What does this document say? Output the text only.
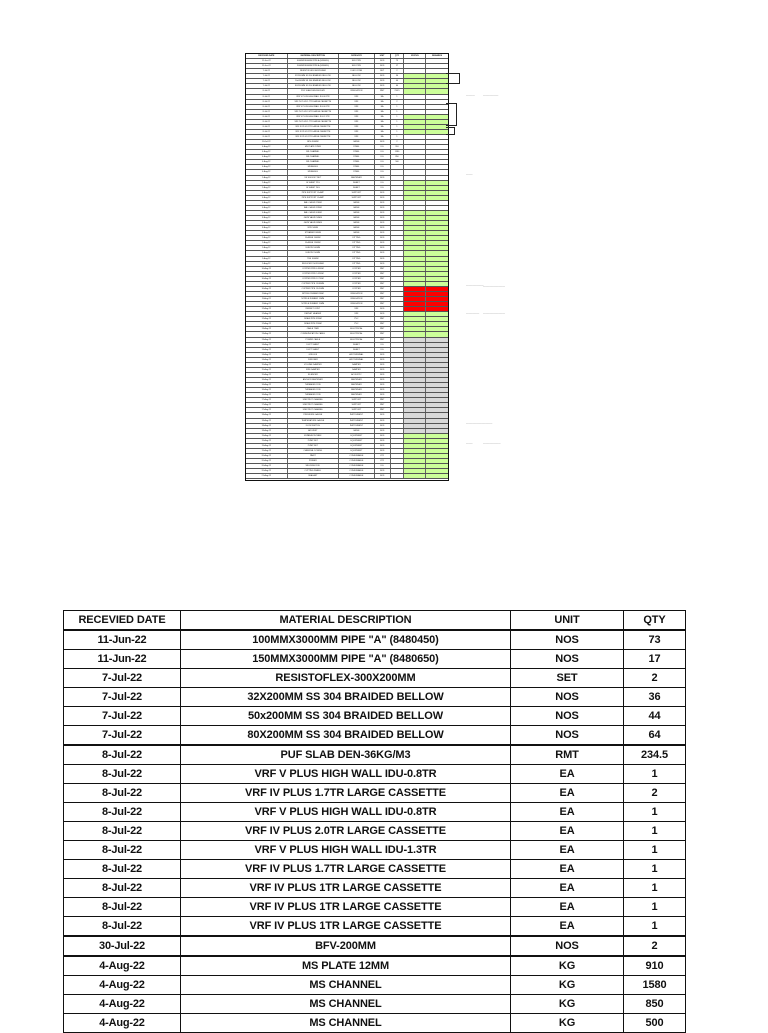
RECEVIED DATE	MATERIAL DESCRIPTION	CATEGORY	UNIT	QTY	STATUS	REMARKS
11-Jun-22	100MMX3000MM PIPE A (8480450)	SKU PIPE	NOS	73
11-Jun-22	150MMX3000MM PIPE A (8480650)	SKU PIPE	NOS	17
7-Jul-22	RESISTOFLEX-300X200MM	FLEX CONN	SET	2
7-Jul-22	32X200MM SS 304 BRAIDED BELLOW	BELLOW	NOS	36
7-Jul-22	50x200MM SS 304 BRAIDED BELLOW	BELLOW	NOS	44
7-Jul-22	80X200MM SS 304 BRAIDED BELLOW	BELLOW	NOS	64
8-Jul-22	PUF SLAB DEN-36KG/M3	INSULATION	RMT	234.5
8-Jul-22	VRF V PLUS HIGH WALL IDU-0.8TR	VRF	EA	1
8-Jul-22	VRF IV PLUS 1.7TR LARGE CASSETTE	VRF	EA	2
8-Jul-22	VRF V PLUS HIGH WALL IDU-0.8TR	VRF	EA	1
8-Jul-22	VRF IV PLUS 2.0TR LARGE CASSETTE	VRF	EA	1
8-Jul-22	VRF V PLUS HIGH WALL IDU-1.3TR	VRF	EA	1
8-Jul-22	VRF IV PLUS 1.7TR LARGE CASSETTE	VRF	EA	1
8-Jul-22	VRF IV PLUS 1TR LARGE CASSETTE	VRF	EA	1
8-Jul-22	VRF IV PLUS 1TR LARGE CASSETTE	VRF	EA	1
8-Jul-22	VRF IV PLUS 1TR LARGE CASSETTE	VRF	EA	1
30-Jul-22	BFV-200MM	VALVE	NOS	2
4-Aug-22	MS PLATE 12MM	STEEL	KG	910
4-Aug-22	MS CHANNEL	STEEL	KG	1580
4-Aug-22	MS CHANNEL	STEEL	KG	850
4-Aug-22	MS CHANNEL	STEEL	KG	500
4-Aug-22	MS ANGLE	STEEL	KG
4-Aug-22	MS ANGLE	STEEL	KG
5-Aug-22	SS 304 BOLT NUT	FASTENER	NOS
5-Aug-22	GI SHEET 22G	SHEET	KG
5-Aug-22	GI SHEET 24G	SHEET	KG
6-Aug-22	PIPE SUPPORT CLAMP	SUPPORT	NOS
6-Aug-22	PIPE SUPPORT CLAMP	SUPPORT	NOS
6-Aug-22	BALL VALVE 25MM	VALVE	NOS
6-Aug-22	BALL VALVE 32MM	VALVE	NOS
6-Aug-22	BALL VALVE 40MM	VALVE	NOS
8-Aug-22	GATE VALVE 50MM	VALVE	NOS
8-Aug-22	GATE VALVE 80MM	VALVE	NOS
8-Aug-22	NRV 50MM	VALVE	NOS
8-Aug-22	STRAINER 80MM	VALVE	NOS
9-Aug-22	FLANGE 100MM	FITTING	NOS
9-Aug-22	FLANGE 150MM	FITTING	NOS
9-Aug-22	ELBOW 100MM	FITTING	NOS
9-Aug-22	ELBOW 150MM	FITTING	NOS
9-Aug-22	TEE 100MM	FITTING	NOS
9-Aug-22	REDUCER 150X100MM	FITTING	NOS
10-Aug-22	COPPER PIPE 6.35MM	COPPER	RMT
10-Aug-22	COPPER PIPE 9.52MM	COPPER	RMT
10-Aug-22	COPPER PIPE 12.7MM	COPPER	RMT
10-Aug-22	COPPER PIPE 15.88MM	COPPER	RMT
10-Aug-22	COPPER PIPE 19.05MM	COPPER	RMT
11-Aug-22	NITRILE RUBBER 9MM	INSULATION	RMT
11-Aug-22	NITRILE RUBBER 13MM	INSULATION	RMT
11-Aug-22	NITRILE RUBBER 19MM	INSULATION	RMT
12-Aug-22	REFNET JOINT	VRF	NOS
12-Aug-22	REFNET HEADER	VRF	NOS
12-Aug-22	DRAIN PIPE 32MM	PVC	RMT
12-Aug-22	DRAIN PIPE 25MM	PVC	RMT
13-Aug-22	CABLE TRAY	ELECTRICAL	RMT
13-Aug-22	COMMUNICATION CABLE	ELECTRICAL	RMT
13-Aug-22	POWER CABLE	ELECTRICAL	RMT
14-Aug-22	DUCT SHEET	SHEET	KG
14-Aug-22	DUCT SHEET	SHEET	KG
14-Aug-22	GRILLES	AIR TERMINAL	NOS
14-Aug-22	DIFFUSER	AIR TERMINAL	NOS
15-Aug-22	VOLUME DAMPER	DAMPER	NOS
15-Aug-22	FIRE DAMPER	DAMPER	NOS
15-Aug-22	SILENCER	ACOUSTIC	NOS
16-Aug-22	ANCHOR FASTENER	FASTENER	NOS
16-Aug-22	THREADED ROD	FASTENER	NOS
16-Aug-22	THREADED ROD	FASTENER	NOS
16-Aug-22	THREADED ROD	FASTENER	NOS
17-Aug-22	UNISTRUT CHANNEL	SUPPORT	RMT
17-Aug-22	UNISTRUT CHANNEL	SUPPORT	RMT
17-Aug-22	UNISTRUT CHANNEL	SUPPORT	RMT
18-Aug-22	PRESSURE GAUGE	INSTRUMENT	NOS
18-Aug-22	TEMPERATURE GAUGE	INSTRUMENT	NOS
18-Aug-22	FLOW SWITCH	INSTRUMENT	NOS
18-Aug-22	AIR VENT	VALVE	NOS
19-Aug-22	EXPANSION TANK	EQUIPMENT	NOS
19-Aug-22	PUMP SET	EQUIPMENT	NOS
19-Aug-22	PUMP SET	EQUIPMENT	NOS
19-Aug-22	CHEMICAL DOSING	EQUIPMENT	NOS
20-Aug-22	PAINT	CONSUMABLE	LTR
20-Aug-22	PRIMER	CONSUMABLE	LTR
20-Aug-22	WELDING ROD	CONSUMABLE	KG
20-Aug-22	CUTTING WHEEL	CONSUMABLE	NOS
21-Aug-22	SEALANT	CONSUMABLE	NOS
————	———————
———
———————— ——————————
—————— ——————————
————————————
———	————————
RECEVIED DATE	MATERIAL DESCRIPTION	UNIT	QTY
11-Jun-22	100MMX3000MM PIPE "A" (8480450)	NOS	73
11-Jun-22	150MMX3000MM PIPE "A" (8480650)	NOS	17
7-Jul-22	RESISTOFLEX-300X200MM	SET	2
7-Jul-22	32X200MM SS 304 BRAIDED BELLOW	NOS	36
7-Jul-22	50x200MM SS 304 BRAIDED BELLOW	NOS	44
7-Jul-22	80X200MM SS 304 BRAIDED BELLOW	NOS	64
8-Jul-22	PUF SLAB DEN-36KG/M3	RMT	234.5
8-Jul-22	VRF V PLUS HIGH WALL IDU-0.8TR	EA	1
8-Jul-22	VRF IV PLUS 1.7TR LARGE CASSETTE	EA	2
8-Jul-22	VRF V PLUS HIGH WALL IDU-0.8TR	EA	1
8-Jul-22	VRF IV PLUS 2.0TR LARGE CASSETTE	EA	1
8-Jul-22	VRF V PLUS HIGH WALL IDU-1.3TR	EA	1
8-Jul-22	VRF IV PLUS 1.7TR LARGE CASSETTE	EA	1
8-Jul-22	VRF IV PLUS 1TR LARGE CASSETTE	EA	1
8-Jul-22	VRF IV PLUS 1TR LARGE CASSETTE	EA	1
8-Jul-22	VRF IV PLUS 1TR LARGE CASSETTE	EA	1
30-Jul-22	BFV-200MM	NOS	2
4-Aug-22	MS PLATE 12MM	KG	910
4-Aug-22	MS CHANNEL	KG	1580
4-Aug-22	MS CHANNEL	KG	850
4-Aug-22	MS CHANNEL	KG	500
